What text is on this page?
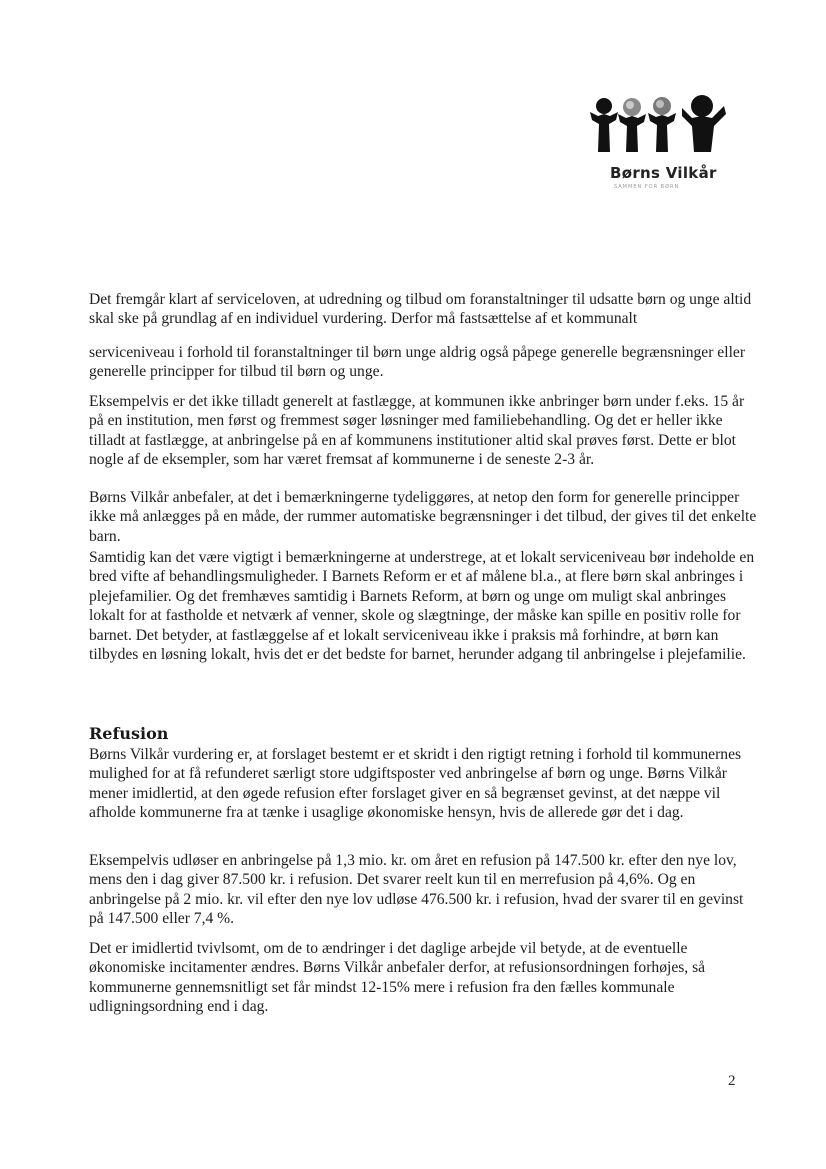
Børns Vilkår
SAMMEN FOR BØRN

Det fremgår klart af serviceloven, at udredning og tilbud om foranstaltninger til udsatte børn og unge altid skal ske på grundlag af en individuel vurdering. Derfor må fastsættelse af et kommunalt

serviceniveau i forhold til foranstaltninger til børn unge aldrig også påpege generelle begrænsninger eller generelle principper for tilbud til børn og unge.

Eksempelvis er det ikke tilladt generelt at fastlægge, at kommunen ikke anbringer børn under f.eks. 15 år på en institution, men først og fremmest søger løsninger med familiebehandling. Og det er heller ikke tilladt at fastlægge, at anbringelse på en af kommunens institutioner altid skal prøves først. Dette er blot nogle af de eksempler, som har været fremsat af kommunerne i de seneste 2-3 år.

Børns Vilkår anbefaler, at det i bemærkningerne tydeliggøres, at netop den form for generelle principper ikke må anlægges på en måde, der rummer automatiske begrænsninger i det tilbud, der gives til det enkelte barn.

Samtidig kan det være vigtigt i bemærkningerne at understrege, at et lokalt serviceniveau bør indeholde en bred vifte af behandlingsmuligheder. I Barnets Reform er et af målene bl.a., at flere børn skal anbringes i plejefamilier. Og det fremhæves samtidig i Barnets Reform, at børn og unge om muligt skal anbringes lokalt for at fastholde et netværk af venner, skole og slægtninge, der måske kan spille en positiv rolle for barnet. Det betyder, at fastlæggelse af et lokalt serviceniveau ikke i praksis må forhindre, at børn kan tilbydes en løsning lokalt, hvis det er det bedste for barnet, herunder adgang til anbringelse i plejefamilie.

Refusion

Børns Vilkår vurdering er, at forslaget bestemt er et skridt i den rigtigt retning i forhold til kommunernes mulighed for at få refunderet særligt store udgiftsposter ved anbringelse af børn og unge. Børns Vilkår mener imidlertid, at den øgede refusion efter forslaget giver en så begrænset gevinst, at det næppe vil afholde kommunerne fra at tænke i usaglige økonomiske hensyn, hvis de allerede gør det i dag.

Eksempelvis udløser en anbringelse på 1,3 mio. kr. om året en refusion på 147.500 kr. efter den nye lov, mens den i dag giver 87.500 kr. i refusion. Det svarer reelt kun til en merrefusion på 4,6%. Og en anbringelse på 2 mio. kr. vil efter den nye lov udløse 476.500 kr. i refusion, hvad der svarer til en gevinst på 147.500 eller 7,4 %.

Det er imidlertid tvivlsomt, om de to ændringer i det daglige arbejde vil betyde, at de eventuelle økonomiske incitamenter ændres. Børns Vilkår anbefaler derfor, at refusionsordningen forhøjes, så kommunerne gennemsnitligt set får mindst 12-15% mere i refusion fra den fælles kommunale udligningsordning end i dag.

2
